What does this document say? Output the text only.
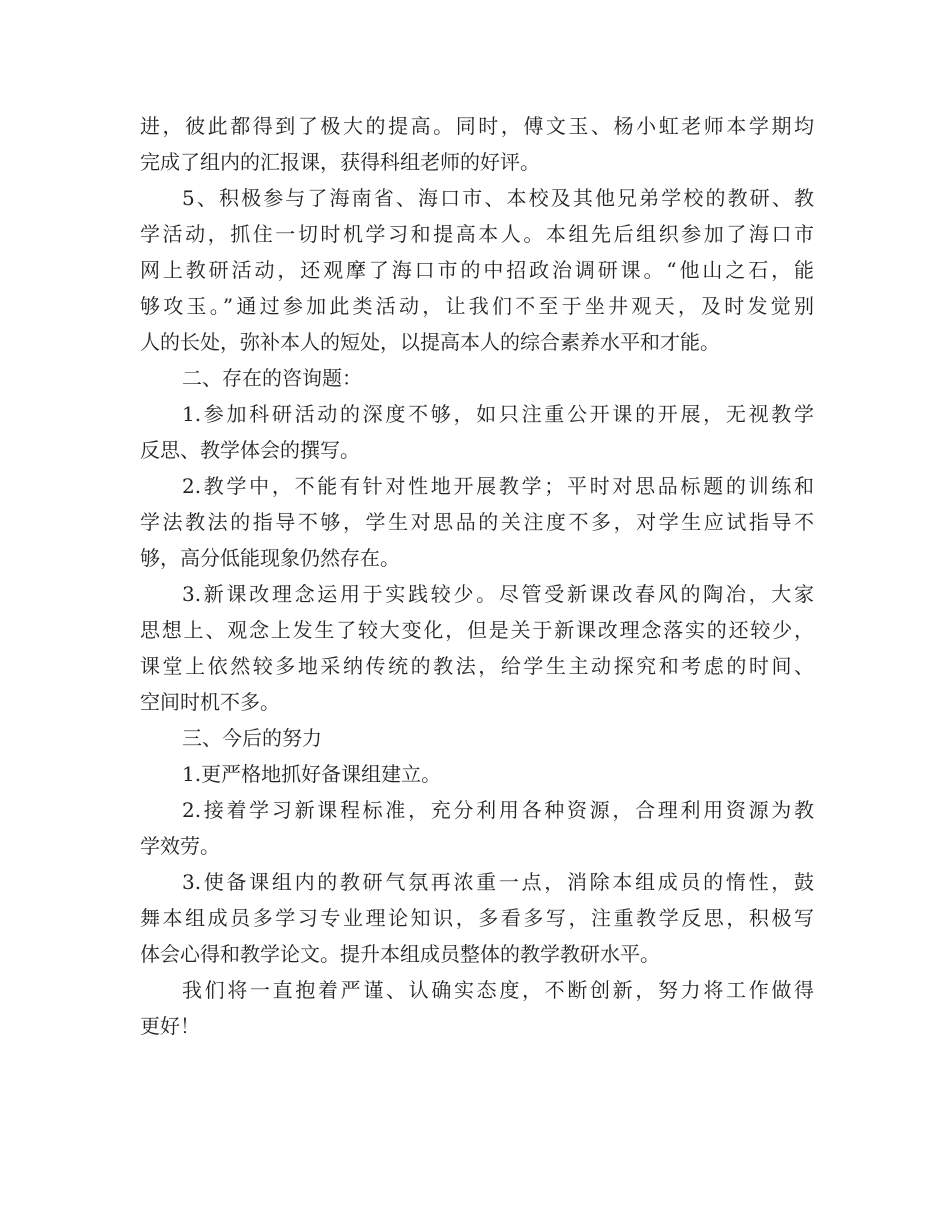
进，彼此都得到了极大的提高。同时，傅文玉、杨小虹老师本学期均
完成了组内的汇报课，获得科组老师的好评。
5、积极参与了海南省、海口市、本校及其他兄弟学校的教研、教
学活动，抓住一切时机学习和提高本人。本组先后组织参加了海口市
网上教研活动，还观摩了海口市的中招政治调研课。“他山之石，能
够攻玉。”通过参加此类活动，让我们不至于坐井观天，及时发觉别
人的长处，弥补本人的短处，以提高本人的综合素养水平和才能。
二、存在的咨询题：
1.参加科研活动的深度不够，如只注重公开课的开展，无视教学
反思、教学体会的撰写。
2.教学中，不能有针对性地开展教学；平时对思品标题的训练和
学法教法的指导不够，学生对思品的关注度不多，对学生应试指导不
够，高分低能现象仍然存在。
3.新课改理念运用于实践较少。尽管受新课改春风的陶冶，大家
思想上、观念上发生了较大变化，但是关于新课改理念落实的还较少，
课堂上依然较多地采纳传统的教法，给学生主动探究和考虑的时间、
空间时机不多。
三、今后的努力
1.更严格地抓好备课组建立。
2.接着学习新课程标准，充分利用各种资源，合理利用资源为教
学效劳。
3.使备课组内的教研气氛再浓重一点，消除本组成员的惰性，鼓
舞本组成员多学习专业理论知识，多看多写，注重教学反思，积极写
体会心得和教学论文。提升本组成员整体的教学教研水平。
我们将一直抱着严谨、认确实态度，不断创新，努力将工作做得
更好！
